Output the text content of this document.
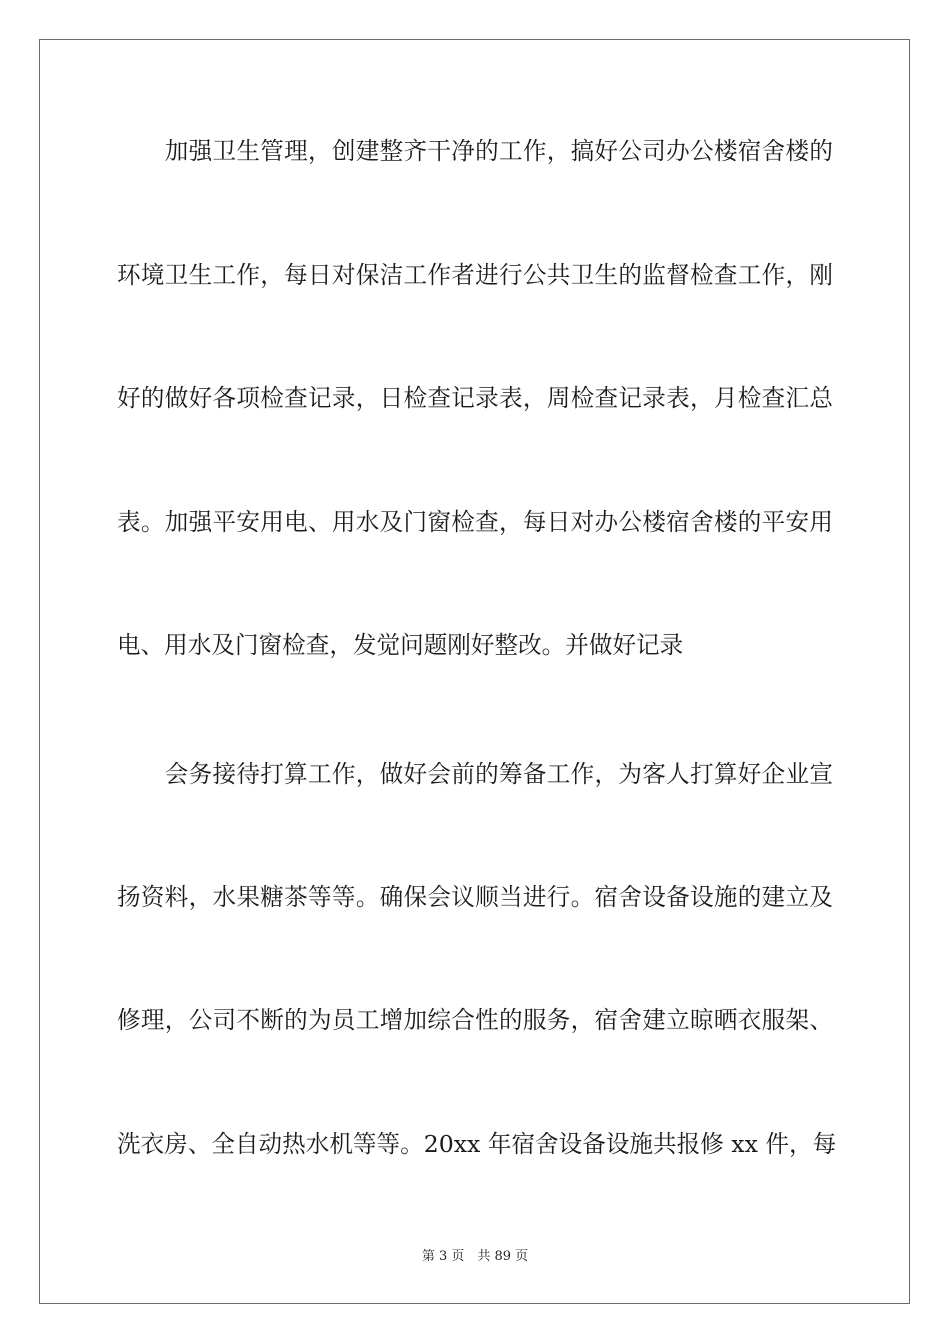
　　加强卫生管理，创建整齐干净的工作，搞好公司办公楼宿舍楼的
环境卫生工作，每日对保洁工作者进行公共卫生的监督检查工作，刚
好的做好各项检查记录，日检查记录表，周检查记录表，月检查汇总
表。加强平安用电、用水及门窗检查，每日对办公楼宿舍楼的平安用
电、用水及门窗检查，发觉问题刚好整改。并做好记录
　　会务接待打算工作，做好会前的筹备工作，为客人打算好企业宣
扬资料，水果糖茶等等。确保会议顺当进行。宿舍设备设施的建立及
修理，公司不断的为员工增加综合性的服务，宿舍建立晾晒衣服架、
洗衣房、全自动热水机等等。20xx 年宿舍设备设施共报修 xx 件，每
第 3 页　共 89 页
